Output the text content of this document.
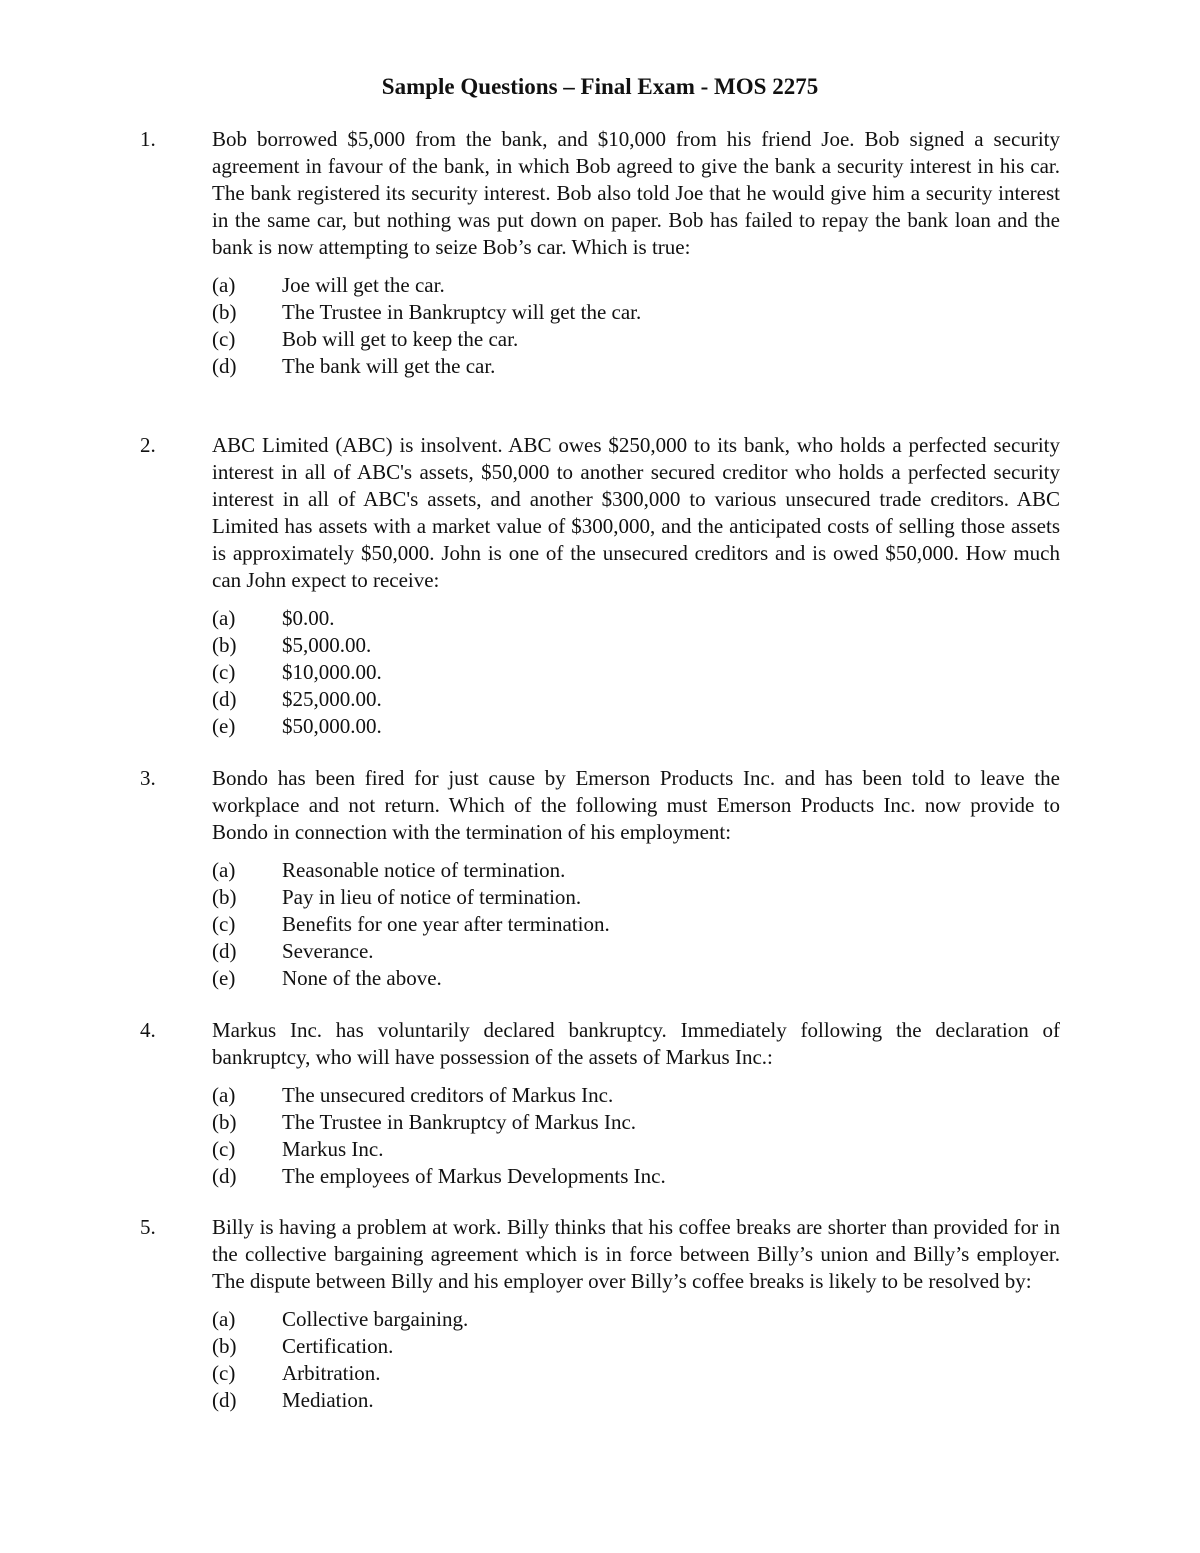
Sample Questions – Final Exam - MOS 2275
1.	Bob borrowed $5,000 from the bank, and $10,000 from his friend Joe. Bob signed a security agreement in favour of the bank, in which Bob agreed to give the bank a security interest in his car. The bank registered its security interest. Bob also told Joe that he would give him a security interest in the same car, but nothing was put down on paper. Bob has failed to repay the bank loan and the bank is now attempting to seize Bob’s car. Which is true:
(a)	Joe will get the car.
(b)	The Trustee in Bankruptcy will get the car.
(c)	Bob will get to keep the car.
(d)	The bank will get the car.
2.	ABC Limited (ABC) is insolvent. ABC owes $250,000 to its bank, who holds a perfected security interest in all of ABC's assets, $50,000 to another secured creditor who holds a perfected security interest in all of ABC's assets, and another $300,000 to various unsecured trade creditors. ABC Limited has assets with a market value of $300,000, and the anticipated costs of selling those assets is approximately $50,000. John is one of the unsecured creditors and is owed $50,000. How much can John expect to receive:
(a)	$0.00.
(b)	$5,000.00.
(c)	$10,000.00.
(d)	$25,000.00.
(e)	$50,000.00.
3.	Bondo has been fired for just cause by Emerson Products Inc. and has been told to leave the workplace and not return. Which of the following must Emerson Products Inc. now provide to Bondo in connection with the termination of his employment:
(a)	Reasonable notice of termination.
(b)	Pay in lieu of notice of termination.
(c)	Benefits for one year after termination.
(d)	Severance.
(e)	None of the above.
4.	Markus Inc. has voluntarily declared bankruptcy. Immediately following the declaration of bankruptcy, who will have possession of the assets of Markus Inc.:
(a)	The unsecured creditors of Markus Inc.
(b)	The Trustee in Bankruptcy of Markus Inc.
(c)	Markus Inc.
(d)	The employees of Markus Developments Inc.
5.	Billy is having a problem at work. Billy thinks that his coffee breaks are shorter than provided for in the collective bargaining agreement which is in force between Billy’s union and Billy’s employer. The dispute between Billy and his employer over Billy’s coffee breaks is likely to be resolved by:
(a)	Collective bargaining.
(b)	Certification.
(c)	Arbitration.
(d)	Mediation.
